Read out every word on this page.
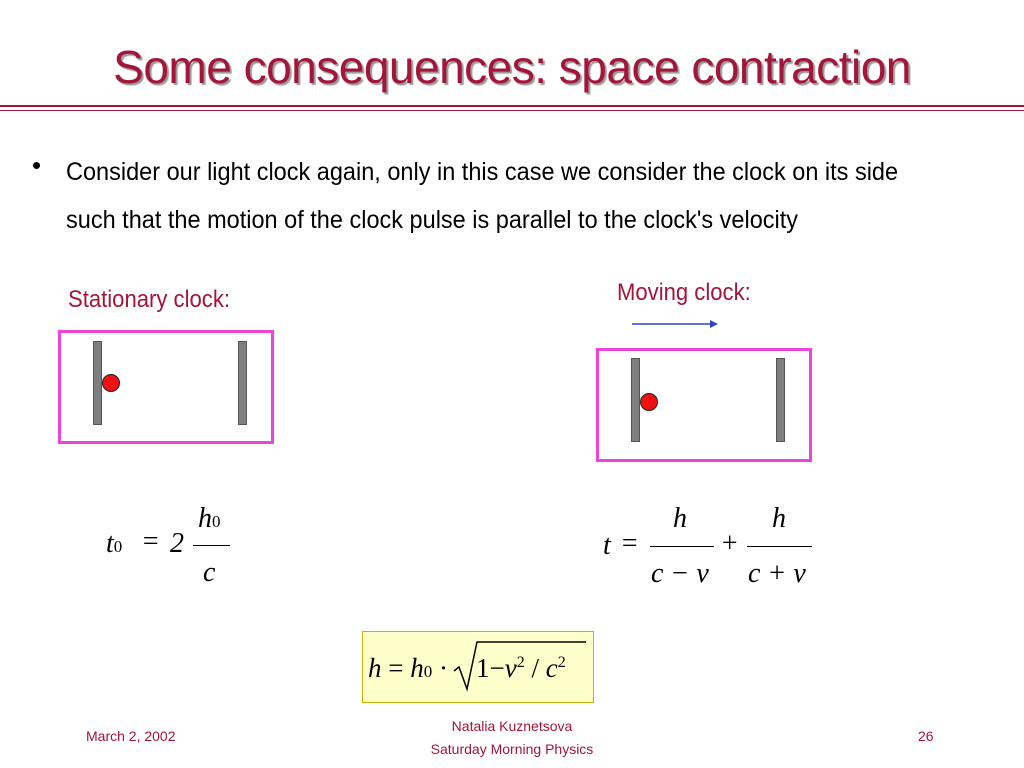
Some consequences: space contraction
• Consider our light clock again, only in this case we consider the clock on its side such that the motion of the clock pulse is parallel to the clock's velocity
Stationary clock:	Moving clock:
t0 = 2
h0
c
t =
h
c − v
+
h
c + v
$h = h0 \cdot 1-v^2 / c^2$
March 2, 2002
Natalia Kuznetsova
Saturday Morning Physics
26
